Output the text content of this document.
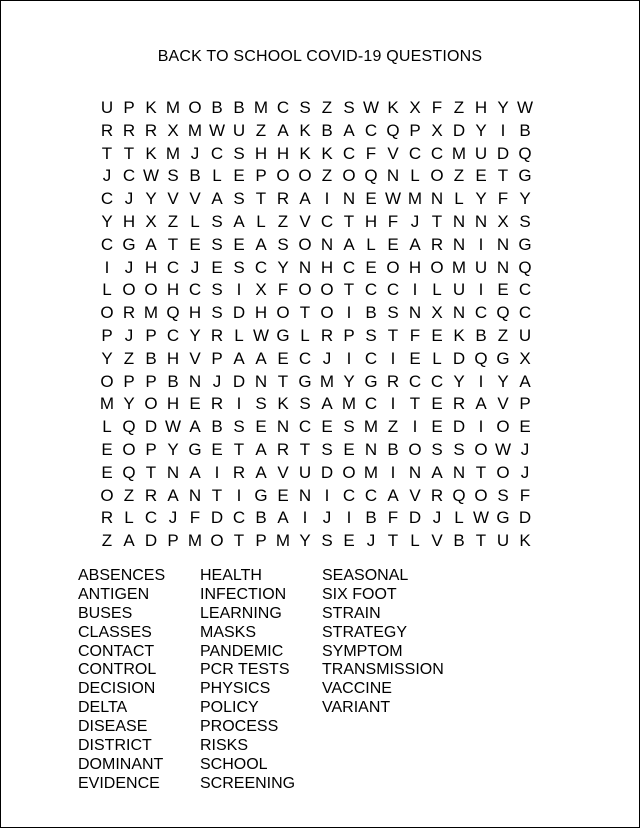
BACK TO SCHOOL COVID-19 QUESTIONS
U P K M O B B M C S Z S W K X F Z H Y W
R R R X M W U Z A K B A C Q P X D Y I B
T T K M J C S H H K K C F V C C M U D Q
J C W S B L E P O O Z O Q N L O Z E T G
C J Y V V A S T R A I N E W M N L Y F Y
Y H X Z L S A L Z V C T H F J T N N X S
C G A T E S E A S O N A L E A R N I N G
I J H C J E S C Y N H C E O H O M U N Q
L O O H C S I X F O O T C C I L U I E C
O R M Q H S D H O T O I B S N X N C Q C
P J P C Y R L W G L R P S T F E K B Z U
Y Z B H V P A A E C J I C I E L D Q G X
O P P B N J D N T G M Y G R C C Y I Y A
M Y O H E R I S K S A M C I T E R A V P
L Q D W A B S E N C E S M Z I E D I O E
E O P Y G E T A R T S E N B O S S O W J
E Q T N A I R A V U D O M I N A N T O J
O Z R A N T I G E N I C C A V R Q O S F
R L C J F D C B A I J I B F D J L W G D
Z A D P M O T P M Y S E J T L V B T U K
ABSENCES
ANTIGEN
BUSES
CLASSES
CONTACT
CONTROL
DECISION
DELTA
DISEASE
DISTRICT
DOMINANT
EVIDENCE
HEALTH
INFECTION
LEARNING
MASKS
PANDEMIC
PCR TESTS
PHYSICS
POLICY
PROCESS
RISKS
SCHOOL
SCREENING
SEASONAL
SIX FOOT
STRAIN
STRATEGY
SYMPTOM
TRANSMISSION
VACCINE
VARIANT
